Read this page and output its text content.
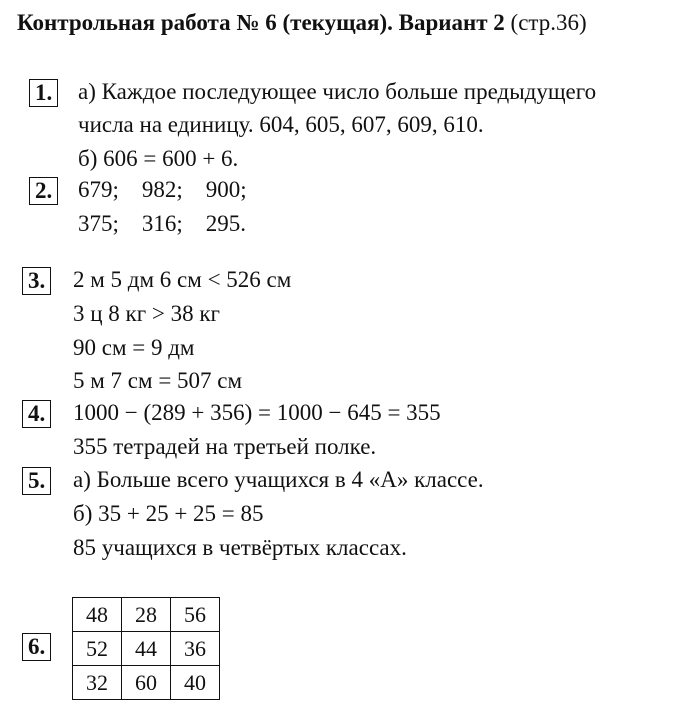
Контрольная работа № 6 (текущая). Вариант 2 (стр.36)
1. а) Каждое последующее число больше предыдущего
числа на единицу. 604, 605, 607, 609, 610.
б) 606 = 600 + 6.
2. 679;    982;    900;
375;    316;    295.
3. 2 м 5 дм 6 см < 526 см
3 ц 8 кг > 38 кг
90 см = 9 дм
5 м 7 см = 507 см
4. 1000 − (289 + 356) = 1000 − 645 = 355
355 тетрадей на третьей полке.
5. а) Больше всего учащихся в 4 «А» классе.
б) 35 + 25 + 25 = 85
85 учащихся в четвёртых классах.
6.
48	28	56
52	44	36
32	60	40
